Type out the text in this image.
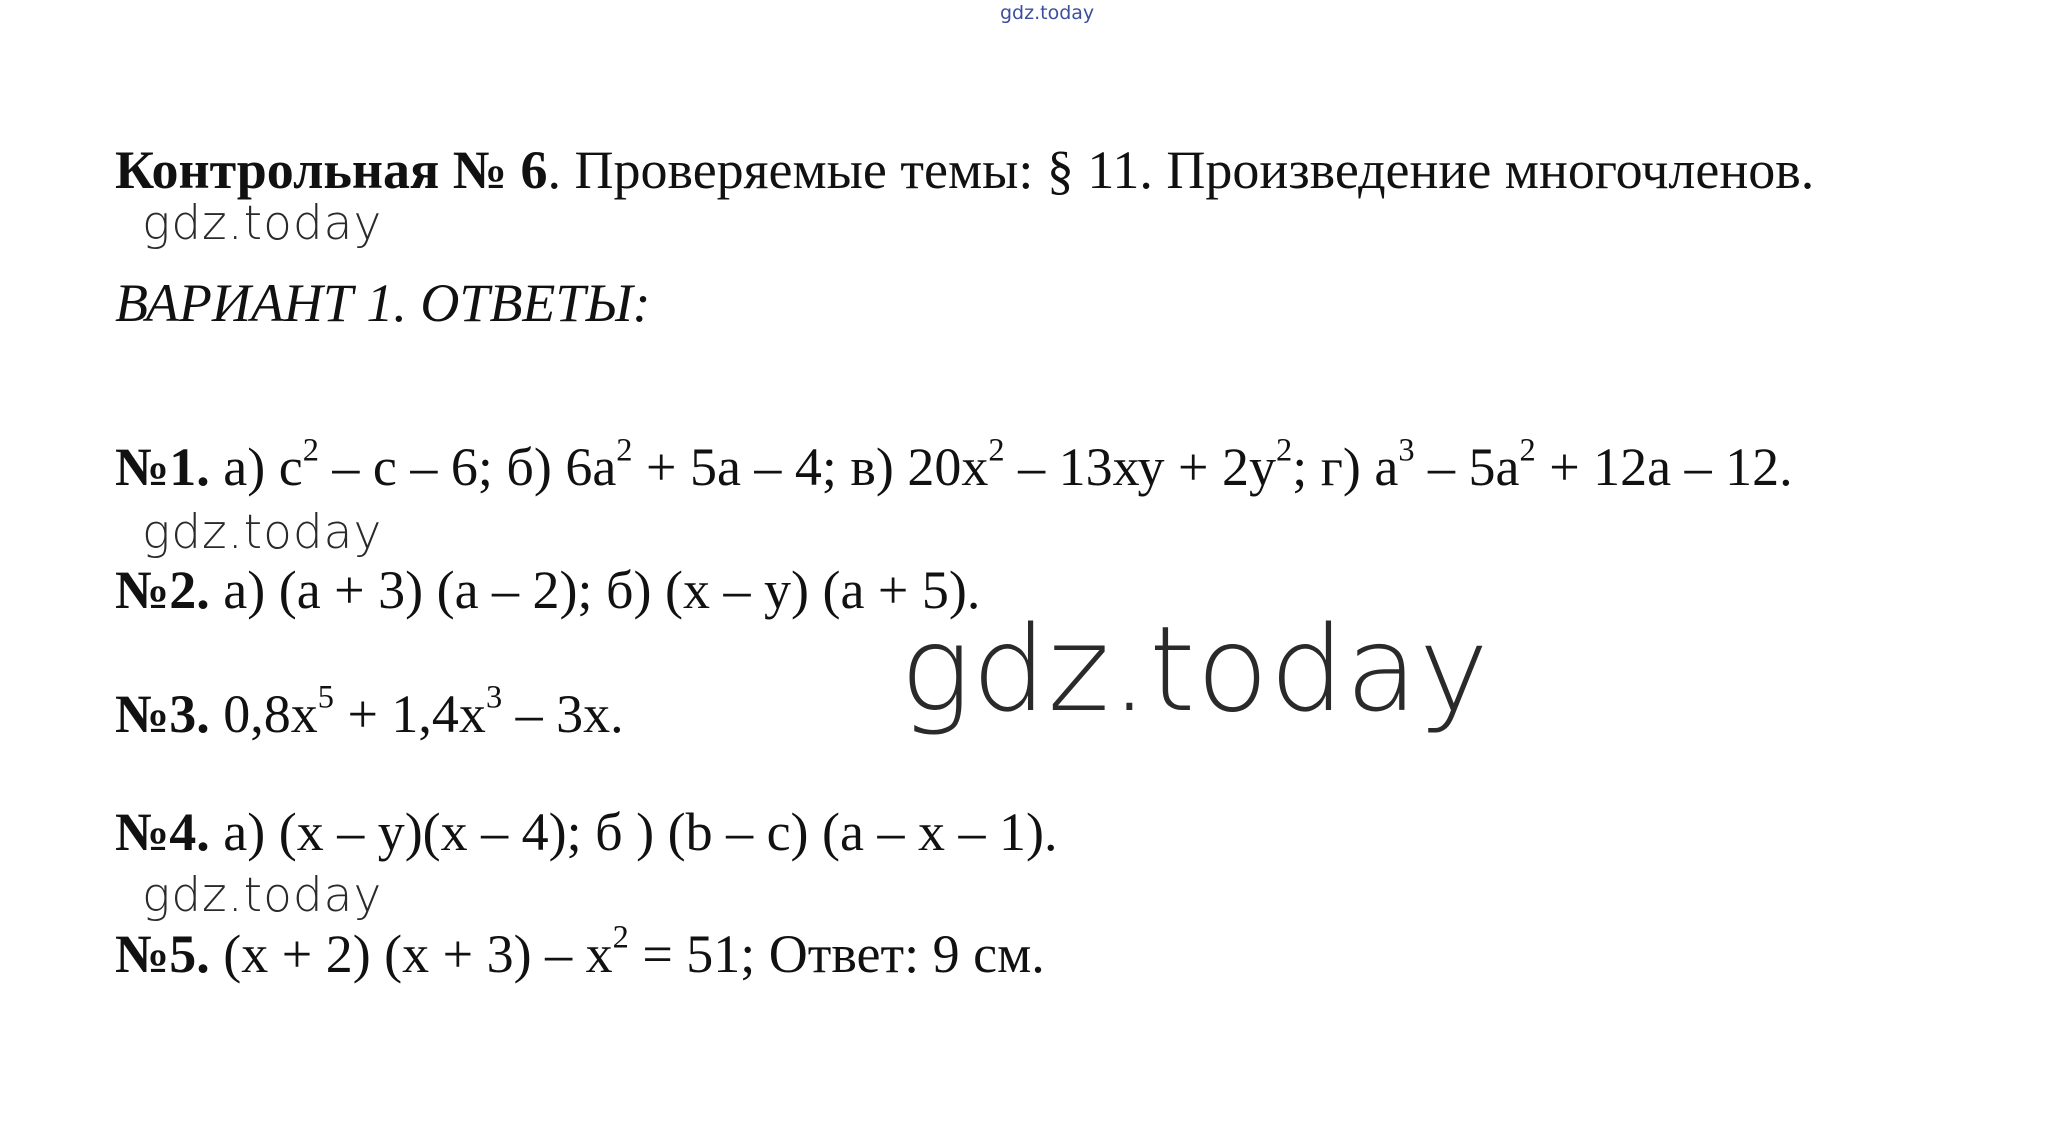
gdz.today
Контрольная № 6. Проверяемые темы: § 11. Произведение многочленов.
gdz.today
ВАРИАНТ 1. ОТВЕТЫ:
№1. а) $с^2$ – с – 6; б) $6а^2 + 5а - 4$; в) $20х^2 - 13ху + 2у^2$; г) $а^3 - 5а^2 + 12а - 12$.
gdz.today
№2. а) (а + 3) (а – 2); б) (х – у) (а + 5).
gdz.today
№3. $0,8х^5 + 1,4х^3 - 3х$.
№4. а) (х – у)(х – 4); б ) (b – с) (а – х – 1).
gdz.today
№5. (х + 2) $(х + 3) - х^2 = 51$; Ответ: 9 см.
